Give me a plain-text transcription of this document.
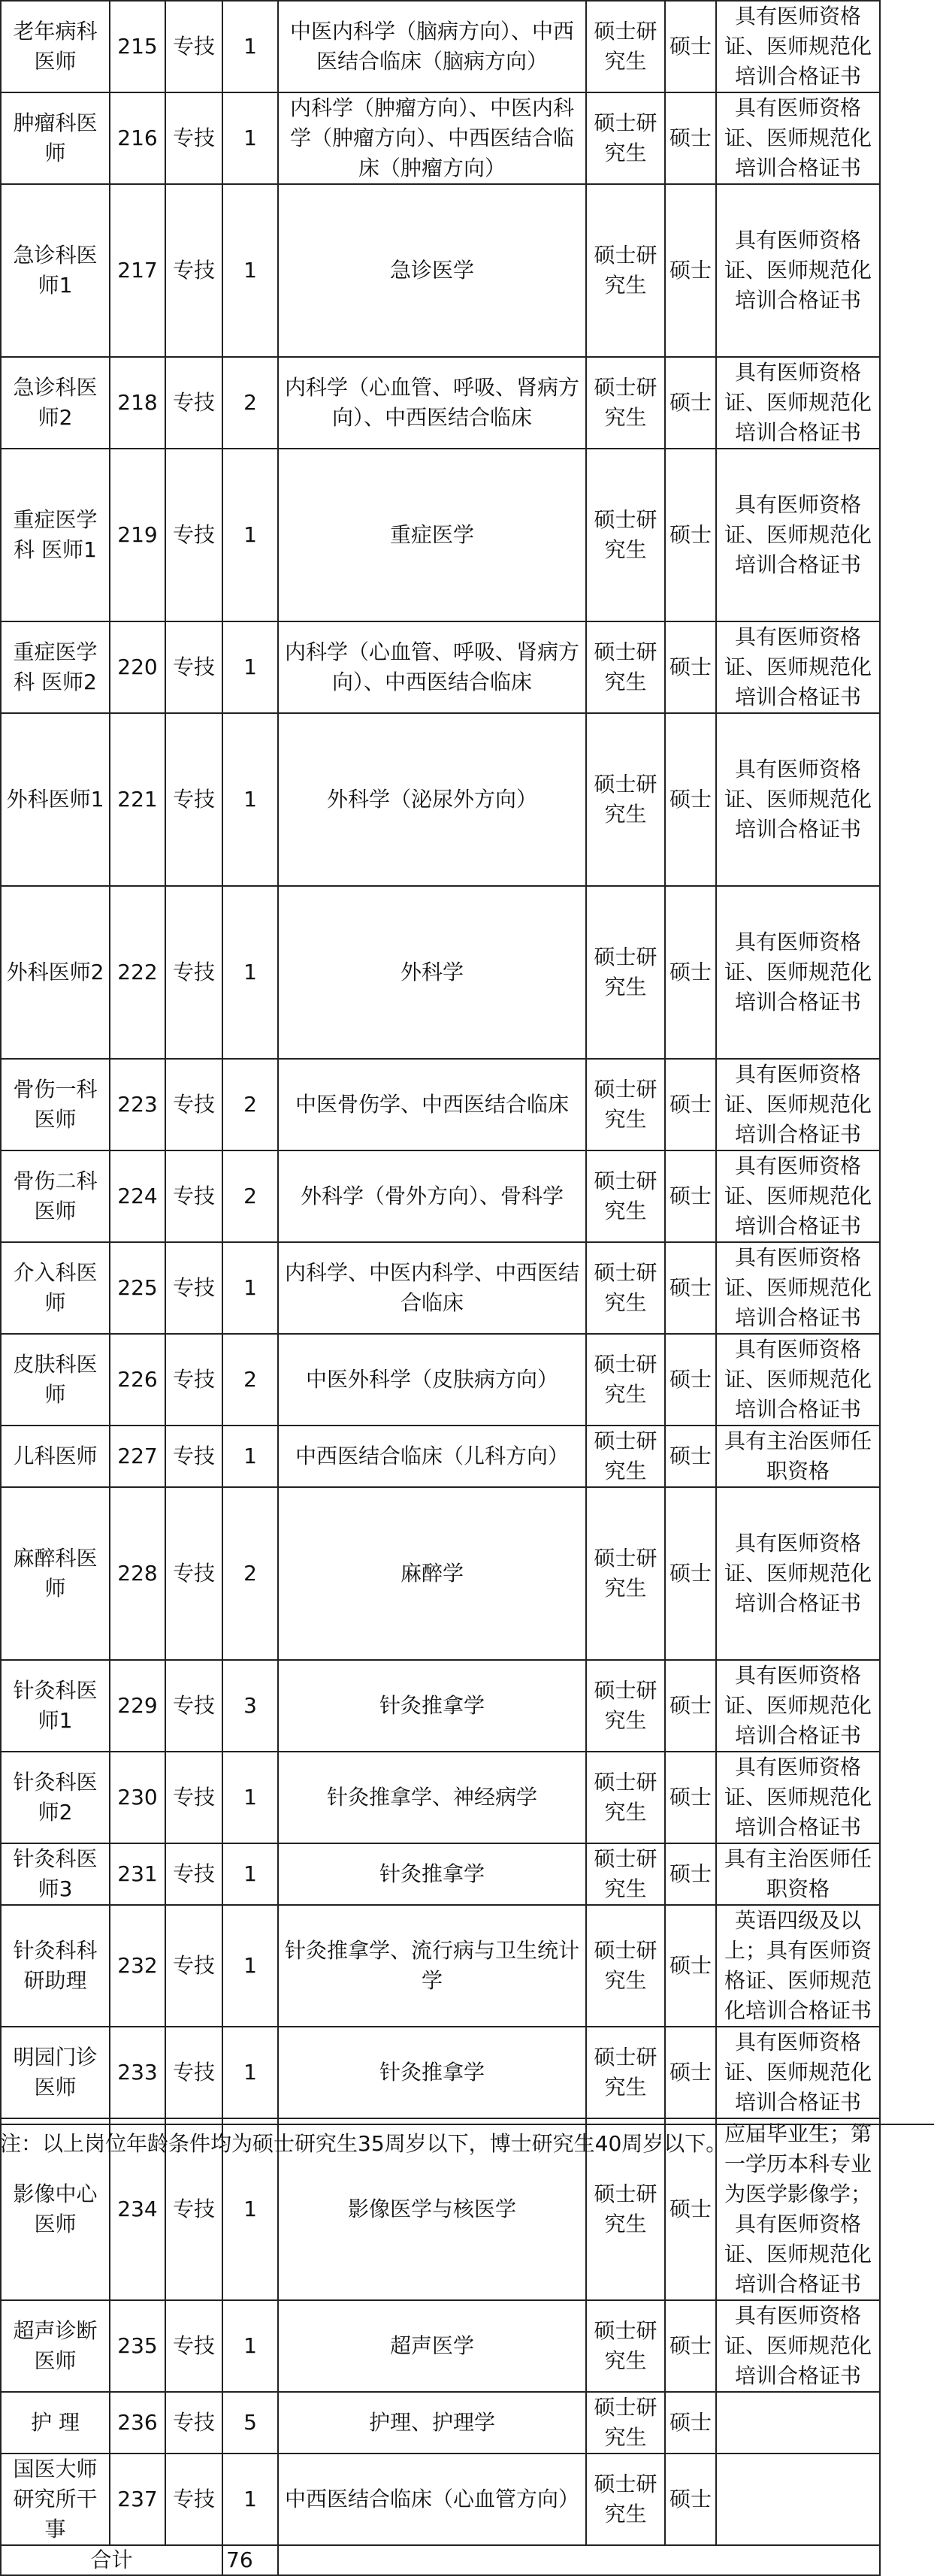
老年病科医师	215	专技	1	中医内科学（脑病方向）、中西医结合临床（脑病方向）	硕士研究生	硕士	具有医师资格证、医师规范化培训合格证书	
肿瘤科医师	216	专技	1	内科学（肿瘤方向）、中医内科学（肿瘤方向）、中西医结合临床（肿瘤方向）	硕士研究生	硕士	具有医师资格证、医师规范化培训合格证书	
急诊科医师1	217	专技	1	急诊医学	硕士研究生	硕士	具有医师资格证、医师规范化培训合格证书	
急诊科医师2	218	专技	2	内科学（心血管、呼吸、肾病方向）、中西医结合临床	硕士研究生	硕士	具有医师资格证、医师规范化培训合格证书	
重症医学科 医师1	219	专技	1	重症医学	硕士研究生	硕士	具有医师资格证、医师规范化培训合格证书	
重症医学科 医师2	220	专技	1	内科学（心血管、呼吸、肾病方向）、中西医结合临床	硕士研究生	硕士	具有医师资格证、医师规范化培训合格证书	
外科医师1	221	专技	1	外科学（泌尿外方向）	硕士研究生	硕士	具有医师资格证、医师规范化培训合格证书	
外科医师2	222	专技	1	外科学	硕士研究生	硕士	具有医师资格证、医师规范化培训合格证书	
骨伤一科医师	223	专技	2	中医骨伤学、中西医结合临床	硕士研究生	硕士	具有医师资格证、医师规范化培训合格证书	
骨伤二科医师	224	专技	2	外科学（骨外方向）、骨科学	硕士研究生	硕士	具有医师资格证、医师规范化培训合格证书	
介入科医师	225	专技	1	内科学、中医内科学、中西医结合临床	硕士研究生	硕士	具有医师资格证、医师规范化培训合格证书	
皮肤科医师	226	专技	2	中医外科学（皮肤病方向）	硕士研究生	硕士	具有医师资格证、医师规范化培训合格证书	
儿科医师	227	专技	1	中西医结合临床（儿科方向）	硕士研究生	硕士	具有主治医师任职资格	
麻醉科医师	228	专技	2	麻醉学	硕士研究生	硕士	具有医师资格证、医师规范化培训合格证书	
针灸科医师1	229	专技	3	针灸推拿学	硕士研究生	硕士	具有医师资格证、医师规范化培训合格证书	
针灸科医师2	230	专技	1	针灸推拿学、神经病学	硕士研究生	硕士	具有医师资格证、医师规范化培训合格证书	
针灸科医师3	231	专技	1	针灸推拿学	硕士研究生	硕士	具有主治医师任职资格	
针灸科科研助理	232	专技	1	针灸推拿学、流行病与卫生统计学	硕士研究生	硕士	英语四级及以上；具有医师资格证、医师规范化培训合格证书	
明园门诊医师	233	专技	1	针灸推拿学	硕士研究生	硕士	具有医师资格证、医师规范化培训合格证书	
影像中心医师	234	专技	1	影像医学与核医学	硕士研究生	硕士	应届毕业生；第一学历本科专业为医学影像学；具有医师资格证、医师规范化培训合格证书	
超声诊断医师	235	专技	1	超声医学	硕士研究生	硕士	具有医师资格证、医师规范化培训合格证书	
护 理	236	专技	5	护理、护理学	硕士研究生	硕士		
国医大师研究所干事	237	专技	1	中西医结合临床（心血管方向）	硕士研究生	硕士		
合计			76					
注：以上岗位年龄条件均为硕士研究生35周岁以下，博士研究生40周岁以下。
